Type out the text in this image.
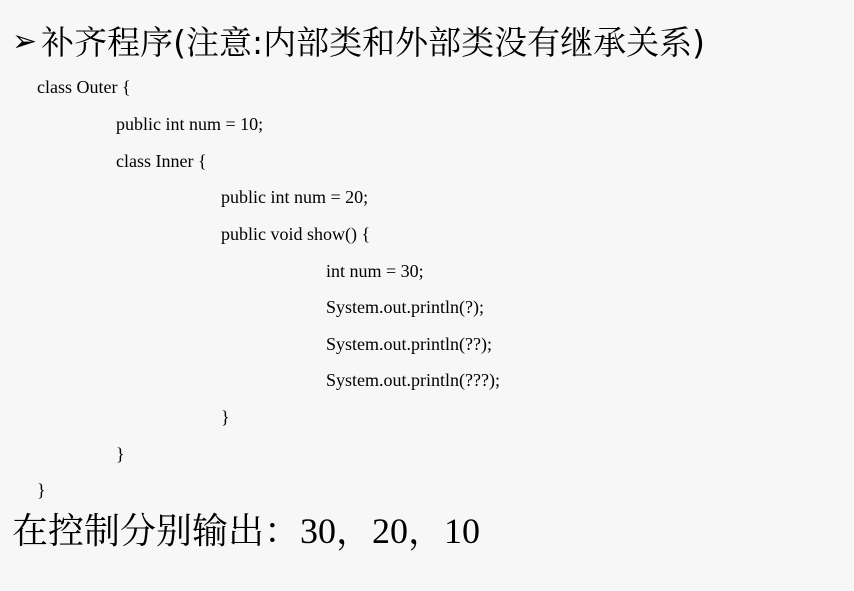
➢ 补齐程序(注意:内部类和外部类没有继承关系)
class Outer {
public int num = 10;
class Inner {
public int num = 20;
public void show() {
int num = 30;
System.out.println(?);
System.out.println(??);
System.out.println(???);
}
}
}
在控制分别输出：30，20，10
